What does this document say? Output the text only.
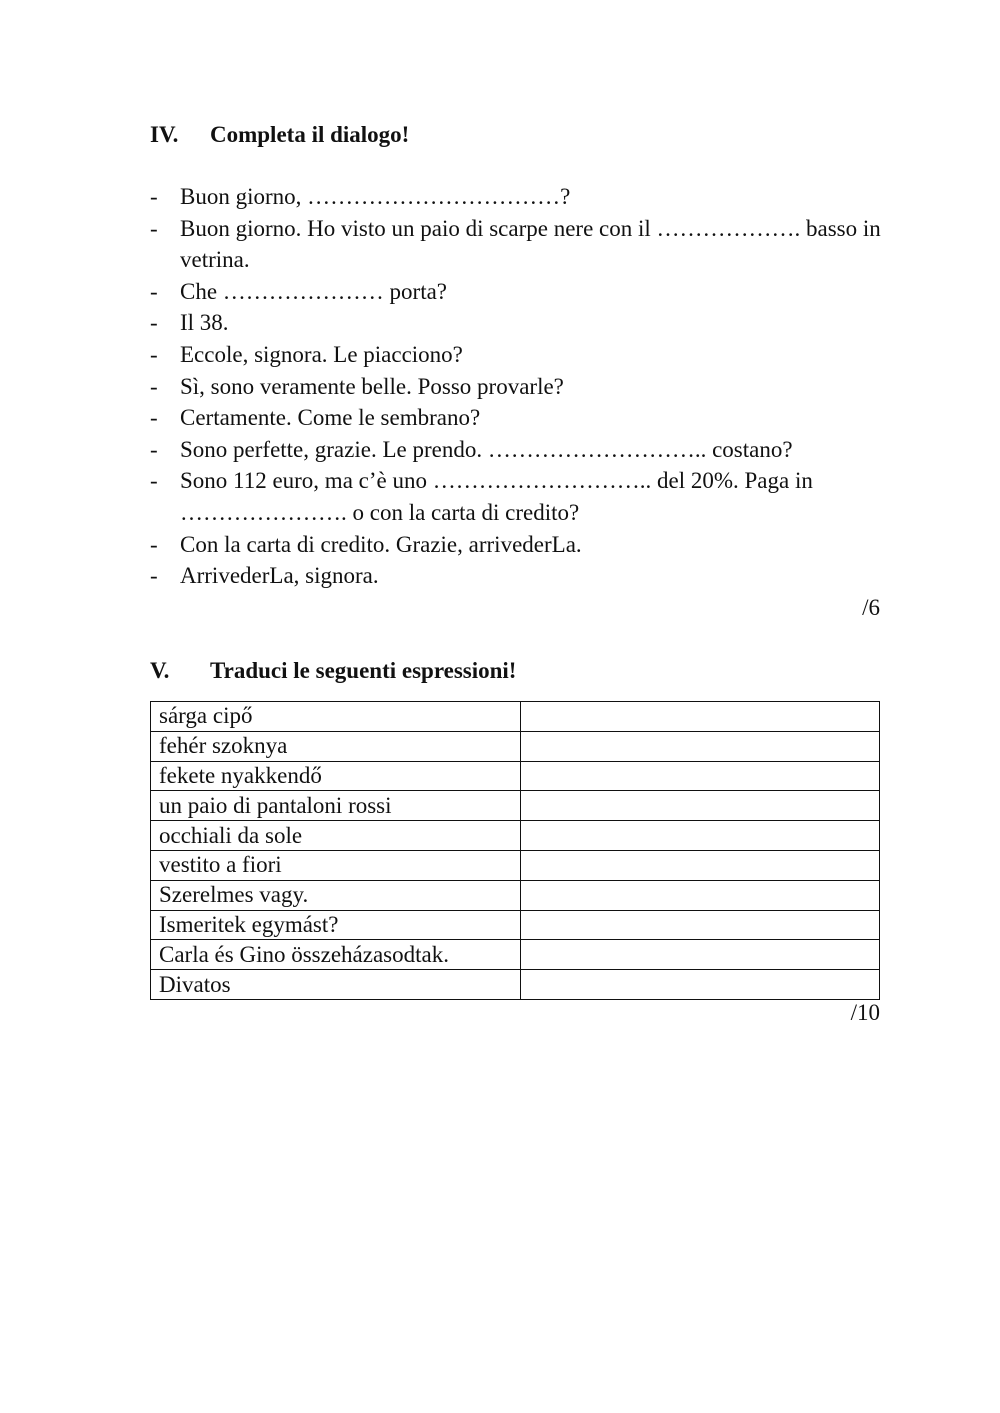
IV. Completa il dialogo!
- Buon giorno, ……………………………?
- Buon giorno. Ho visto un paio di scarpe nere con il ………………. basso in vetrina.
- Che ………………… porta?
- Il 38.
- Eccole, signora. Le piacciono?
- Sì, sono veramente belle. Posso provarle?
- Certamente. Come le sembrano?
- Sono perfette, grazie. Le prendo. ……………………….. costano?
- Sono 112 euro, ma c’è uno ……………………….. del 20%. Paga in …………………. o con la carta di credito?
- Con la carta di credito. Grazie, arrivederLa.
- ArrivederLa, signora.
/6
V. Traduci le seguenti espressioni!
sárga cipő	
fehér szoknya	
fekete nyakkendő	
un paio di pantaloni rossi	
occhiali da sole	
vestito a fiori	
Szerelmes vagy.	
Ismeritek egymást?	
Carla és Gino összeházasodtak.	
Divatos	
/10
